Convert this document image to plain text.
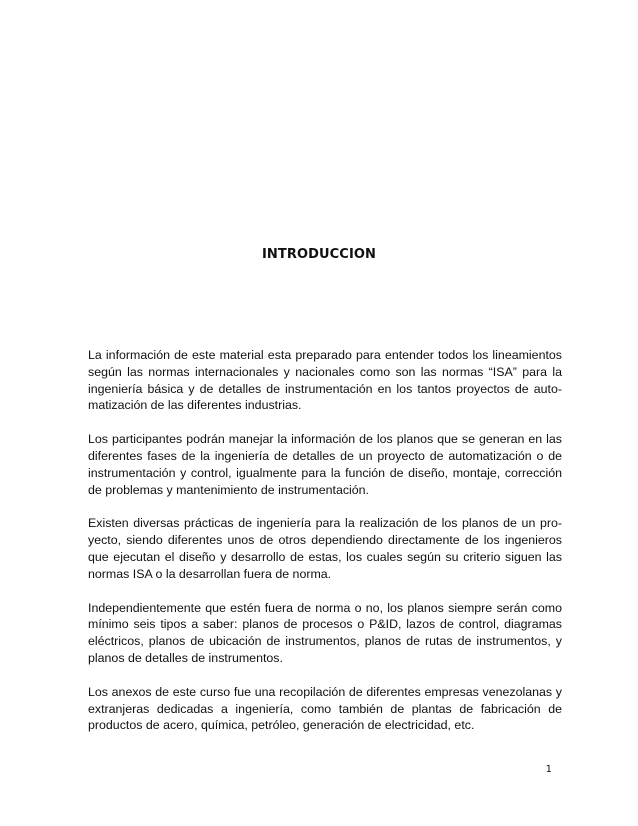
INTRODUCCION

La información de este material esta preparado para entender todos los lineamientos según las normas internacionales y nacionales como son las normas “ISA” para la ingeniería básica y de detalles de instrumentación en los tantos proyectos de auto-matización de las diferentes industrias.

Los participantes podrán manejar la información de los planos que se generan en las diferentes fases de la ingeniería de detalles de un proyecto de automatización o de instrumentación y control, igualmente para la función de diseño, montaje, corrección de problemas y mantenimiento de instrumentación.

Existen diversas prácticas de ingeniería para la realización de los planos de un pro-yecto, siendo diferentes unos de otros dependiendo directamente de los ingenieros que ejecutan el diseño y desarrollo de estas, los cuales según su criterio siguen las normas ISA o la desarrollan fuera de norma.

Independientemente que estén fuera de norma o no, los planos siempre serán como mínimo seis tipos a saber: planos de procesos o P&ID, lazos de control, diagramas eléctricos, planos de ubicación de instrumentos, planos de rutas de instrumentos, y planos de detalles de instrumentos.

Los anexos de este curso fue una recopilación de diferentes empresas venezolanas y extranjeras dedicadas a ingeniería, como también de plantas de fabricación de productos de acero, química, petróleo, generación de electricidad, etc.

1
